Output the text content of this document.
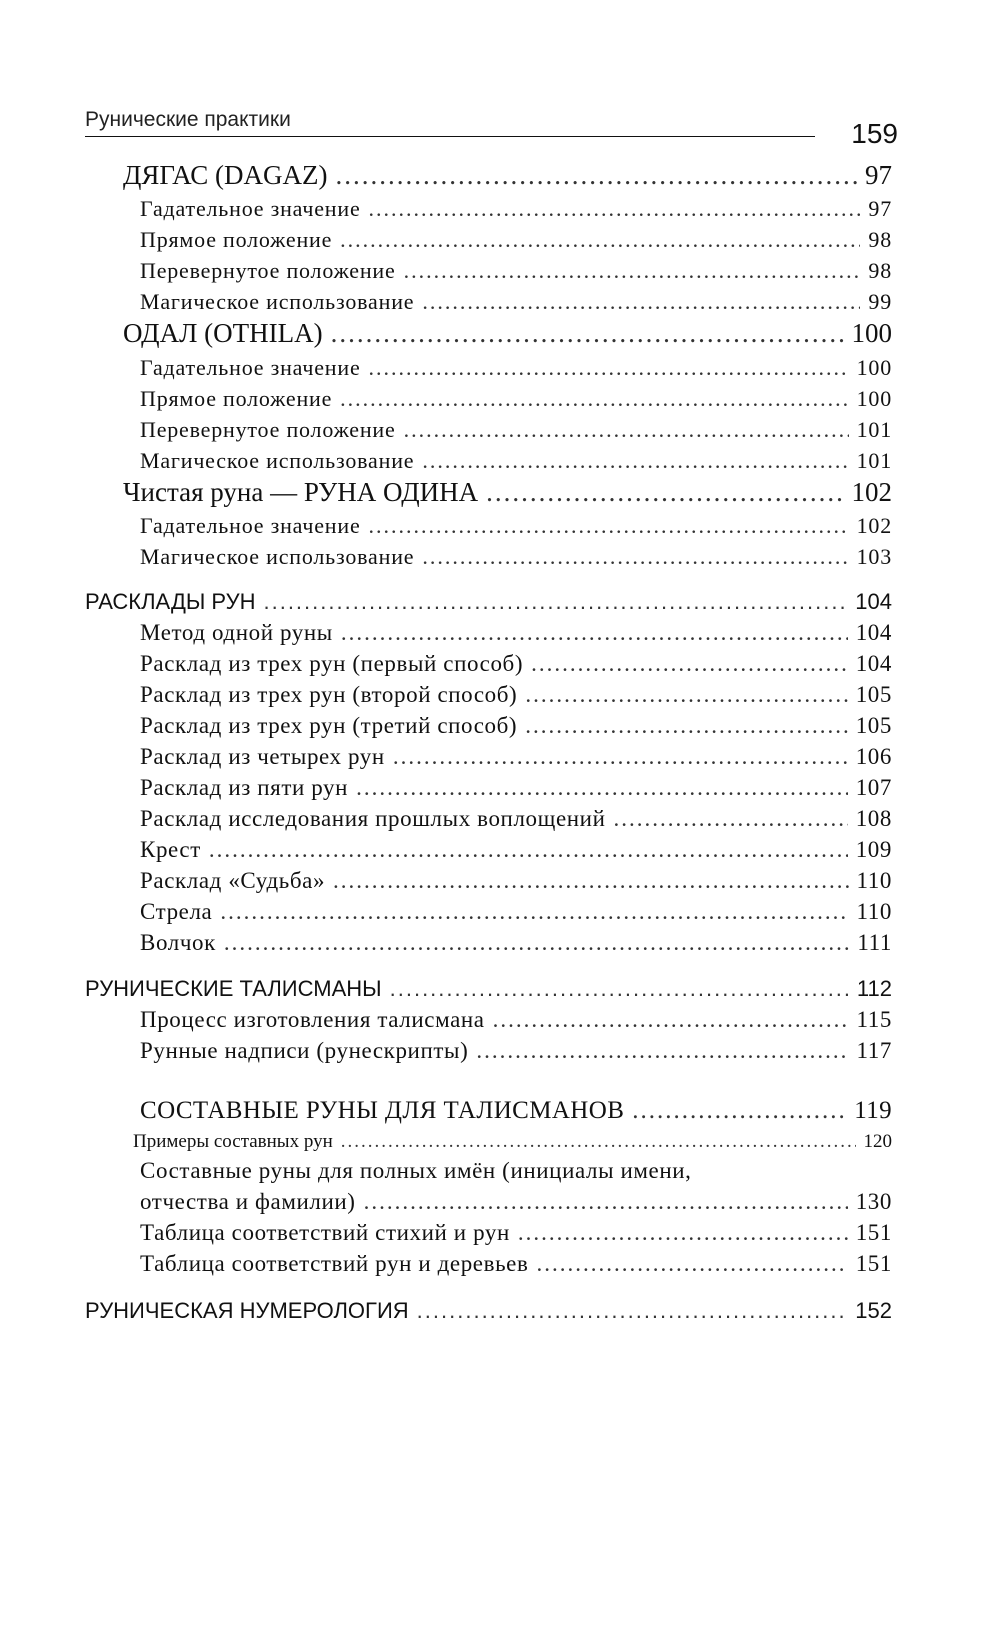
Рунические практики	159
ДЯГАС (DAGAZ) .....	97
Гадательное значение .....	97
Прямое положение .....	98
Перевернутое положение .....	98
Магическое использование .....	99
ОДАЛ (OTHILA) .....	100
Гадательное значение .....	100
Прямое положение .....	100
Перевернутое положение .....	101
Магическое использование .....	101
Чистая руна — РУНА ОДИНА .....	102
Гадательное значение .....	102
Магическое использование .....	103
РАСКЛАДЫ РУН .....	104
Метод одной руны .....	104
Расклад из трех рун (первый способ) .....	104
Расклад из трех рун (второй способ) .....	105
Расклад из трех рун (третий способ) .....	105
Расклад из четырех рун .....	106
Расклад из пяти рун .....	107
Расклад исследования прошлых воплощений .....	108
Крест .....	109
Расклад «Судьба» .....	110
Стрела .....	110
Волчок .....	111
РУНИЧЕСКИЕ ТАЛИСМАНЫ .....	112
Процесс изготовления талисмана .....	115
Рунные надписи (рунескрипты) .....	117
СОСТАВНЫЕ РУНЫ ДЛЯ ТАЛИСМАНОВ .....	119
Примеры составных рун .....	120
Составные руны для полных имён (инициалы имени,
отчества и фамилии) .....	130
Таблица соответствий стихий и рун .....	151
Таблица соответствий рун и деревьев .....	151
РУНИЧЕСКАЯ НУМЕРОЛОГИЯ .....	152
